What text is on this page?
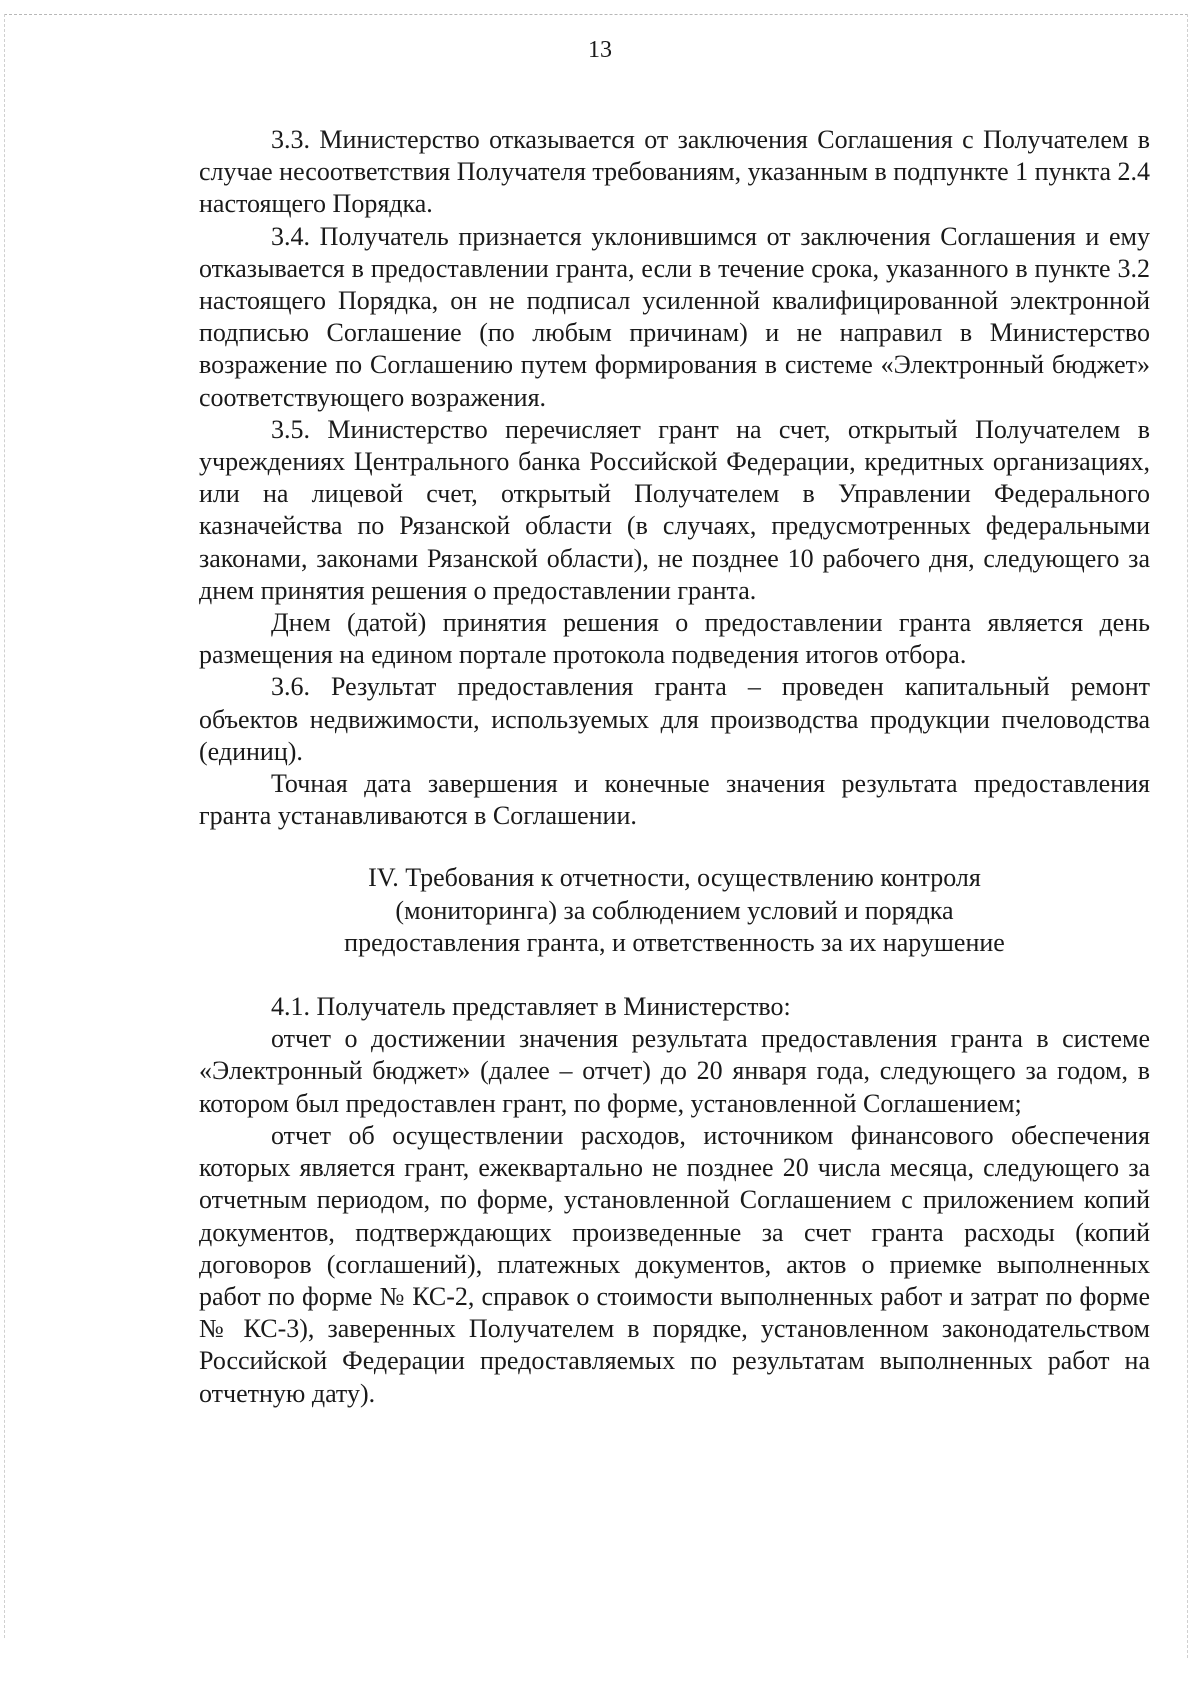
13

3.3. Министерство отказывается от заключения Соглашения с Получателем в случае несоответствия Получателя требованиям, указанным в подпункте 1 пункта 2.4 настоящего Порядка.

3.4. Получатель признается уклонившимся от заключения Соглашения и ему отказывается в предоставлении гранта, если в течение срока, указанного в пункте 3.2 настоящего Порядка, он не подписал усиленной квалифицированной электронной подписью Соглашение (по любым причинам) и не направил в Министерство возражение по Соглашению путем формирования в системе «Электронный бюджет» соответствующего возражения.

3.5. Министерство перечисляет грант на счет, открытый Получателем в учреждениях Центрального банка Российской Федерации, кредитных организациях, или на лицевой счет, открытый Получателем в Управлении Федерального казначейства по Рязанской области (в случаях, предусмотренных федеральными законами, законами Рязанской области), не позднее 10 рабочего дня, следующего за днем принятия решения о предоставлении гранта.

Днем (датой) принятия решения о предоставлении гранта является день размещения на едином портале протокола подведения итогов отбора.

3.6. Результат предоставления гранта – проведен капитальный ремонт объектов недвижимости, используемых для производства продукции пчеловодства (единиц).

Точная дата завершения и конечные значения результата предоставления гранта устанавливаются в Соглашении.

IV. Требования к отчетности, осуществлению контроля
(мониторинга) за соблюдением условий и порядка
предоставления гранта, и ответственность за их нарушение

4.1. Получатель представляет в Министерство:

отчет о достижении значения результата предоставления гранта в системе «Электронный бюджет» (далее – отчет) до 20 января года, следующего за годом, в котором был предоставлен грант, по форме, установленной Соглашением;

отчет об осуществлении расходов, источником финансового обеспечения которых является грант, ежеквартально не позднее 20 числа месяца, следующего за отчетным периодом, по форме, установленной Соглашением с приложением копий документов, подтверждающих произведенные за счет гранта расходы (копий договоров (соглашений), платежных документов, актов о приемке выполненных работ по форме № КС-2, справок о стоимости выполненных работ и затрат по форме № КС-3), заверенных Получателем в порядке, установленном законодательством Российской Федерации предоставляемых по результатам выполненных работ на отчетную дату).
